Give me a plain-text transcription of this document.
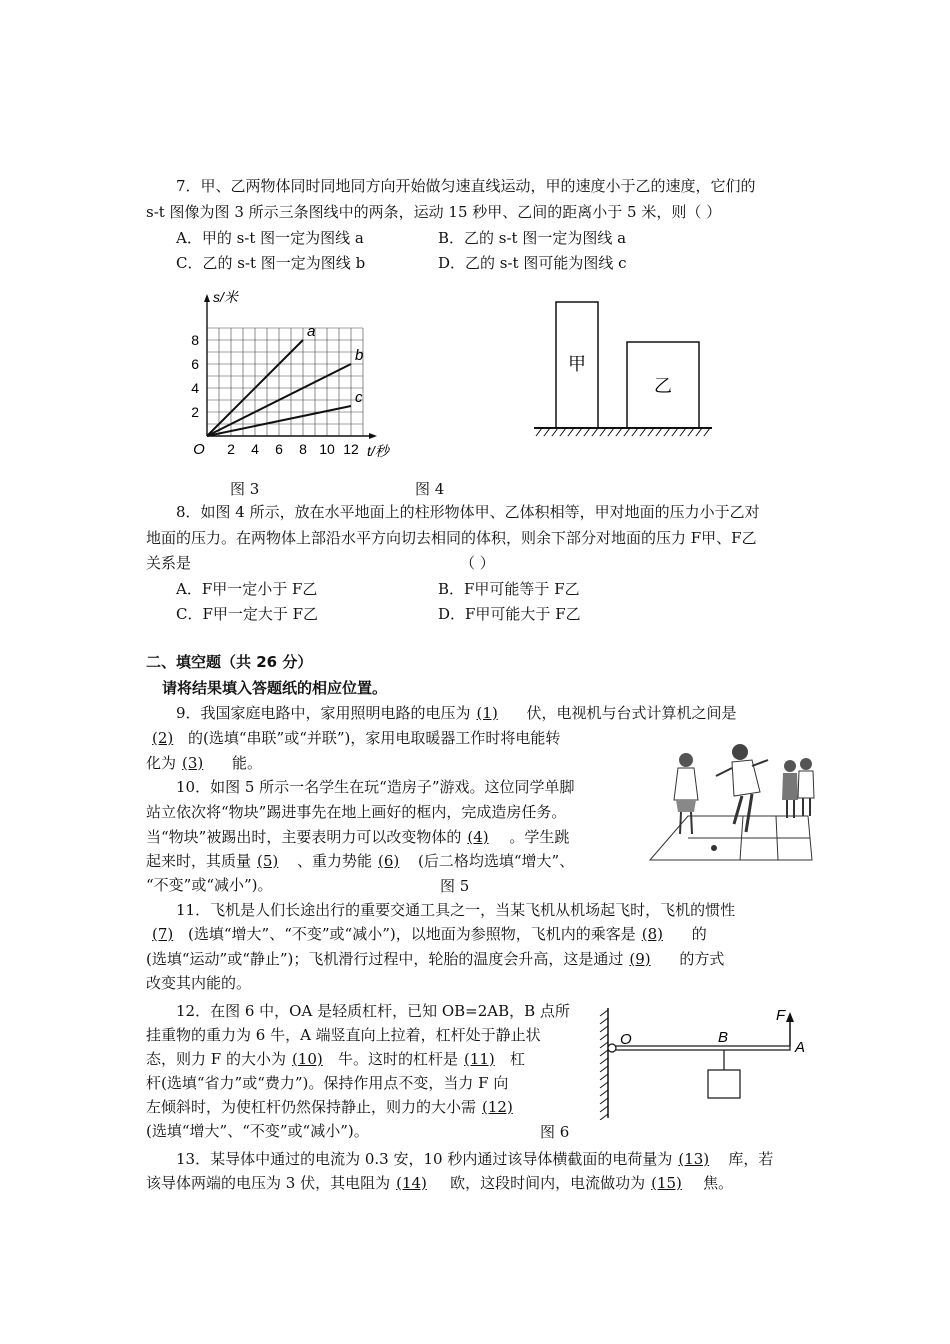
7．甲、乙两物体同时同地同方向开始做匀速直线运动，甲的速度小于乙的速度，它们的
s-t 图像为图 3 所示三条图线中的两条，运动 15 秒甲、乙间的距离小于 5 米，则（ ）
A．甲的 s-t 图一定为图线 a	B．乙的 s-t 图一定为图线 a
C．乙的 s-t 图一定为图线 b	D．乙的 s-t 图可能为图线 c
s/米
t/秒
O
2
4
6
8
2 4 6 8 10 12
a
b
c
图 3
甲
乙
图 4
8．如图 4 所示，放在水平地面上的柱形物体甲、乙体积相等，甲对地面的压力小于乙对
地面的压力。在两物体上部沿水平方向切去相同的体积，则余下部分对地面的压力 F甲、F乙
关系是	（ ）
A．F甲一定小于 F乙	B．F甲可能等于 F乙
C．F甲一定大于 F乙	D．F甲可能大于 F乙
二、填空题（共 26 分）
请将结果填入答题纸的相应位置。
9．我国家庭电路中，家用照明电路的电压为 (1) 伏，电视机与台式计算机之间是
(2) 的(选填“串联”或“并联”)，家用电取暖器工作时将电能转
化为 (3) 能。
10．如图 5 所示一名学生在玩“造房子”游戏。这位同学单脚
站立依次将“物块”踢进事先在地上画好的框内，完成造房任务。
当“物块”被踢出时，主要表明力可以改变物体的 (4) 。学生跳
起来时，其质量 (5) 、重力势能 (6) (后二格均选填“增大”、
“不变”或“减小”)。	图 5
11．飞机是人们长途出行的重要交通工具之一，当某飞机从机场起飞时，飞机的惯性
(7) (选填“增大”、“不变”或“减小”)，以地面为参照物，飞机内的乘客是 (8) 的
(选填“运动”或“静止”)；飞机滑行过程中，轮胎的温度会升高，这是通过 (9) 的方式
改变其内能的。
12．在图 6 中，OA 是轻质杠杆，已知 OB=2AB，B 点所
挂重物的重力为 6 牛，A 端竖直向上拉着，杠杆处于静止状
态，则力 F 的大小为 (10) 牛。这时的杠杆是 (11) 杠
杆(选填“省力”或“费力”)。保持作用点不变，当力 F 向
左倾斜时，为使杠杆仍然保持静止，则力的大小需 (12)
(选填“增大”、“不变”或“减小”)。	图 6
O	B
A
F
13．某导体中通过的电流为 0.3 安，10 秒内通过该导体横截面的电荷量为 (13) 库，若
该导体两端的电压为 3 伏，其电阻为 (14) 欧，这段时间内，电流做功为 (15) 焦。
